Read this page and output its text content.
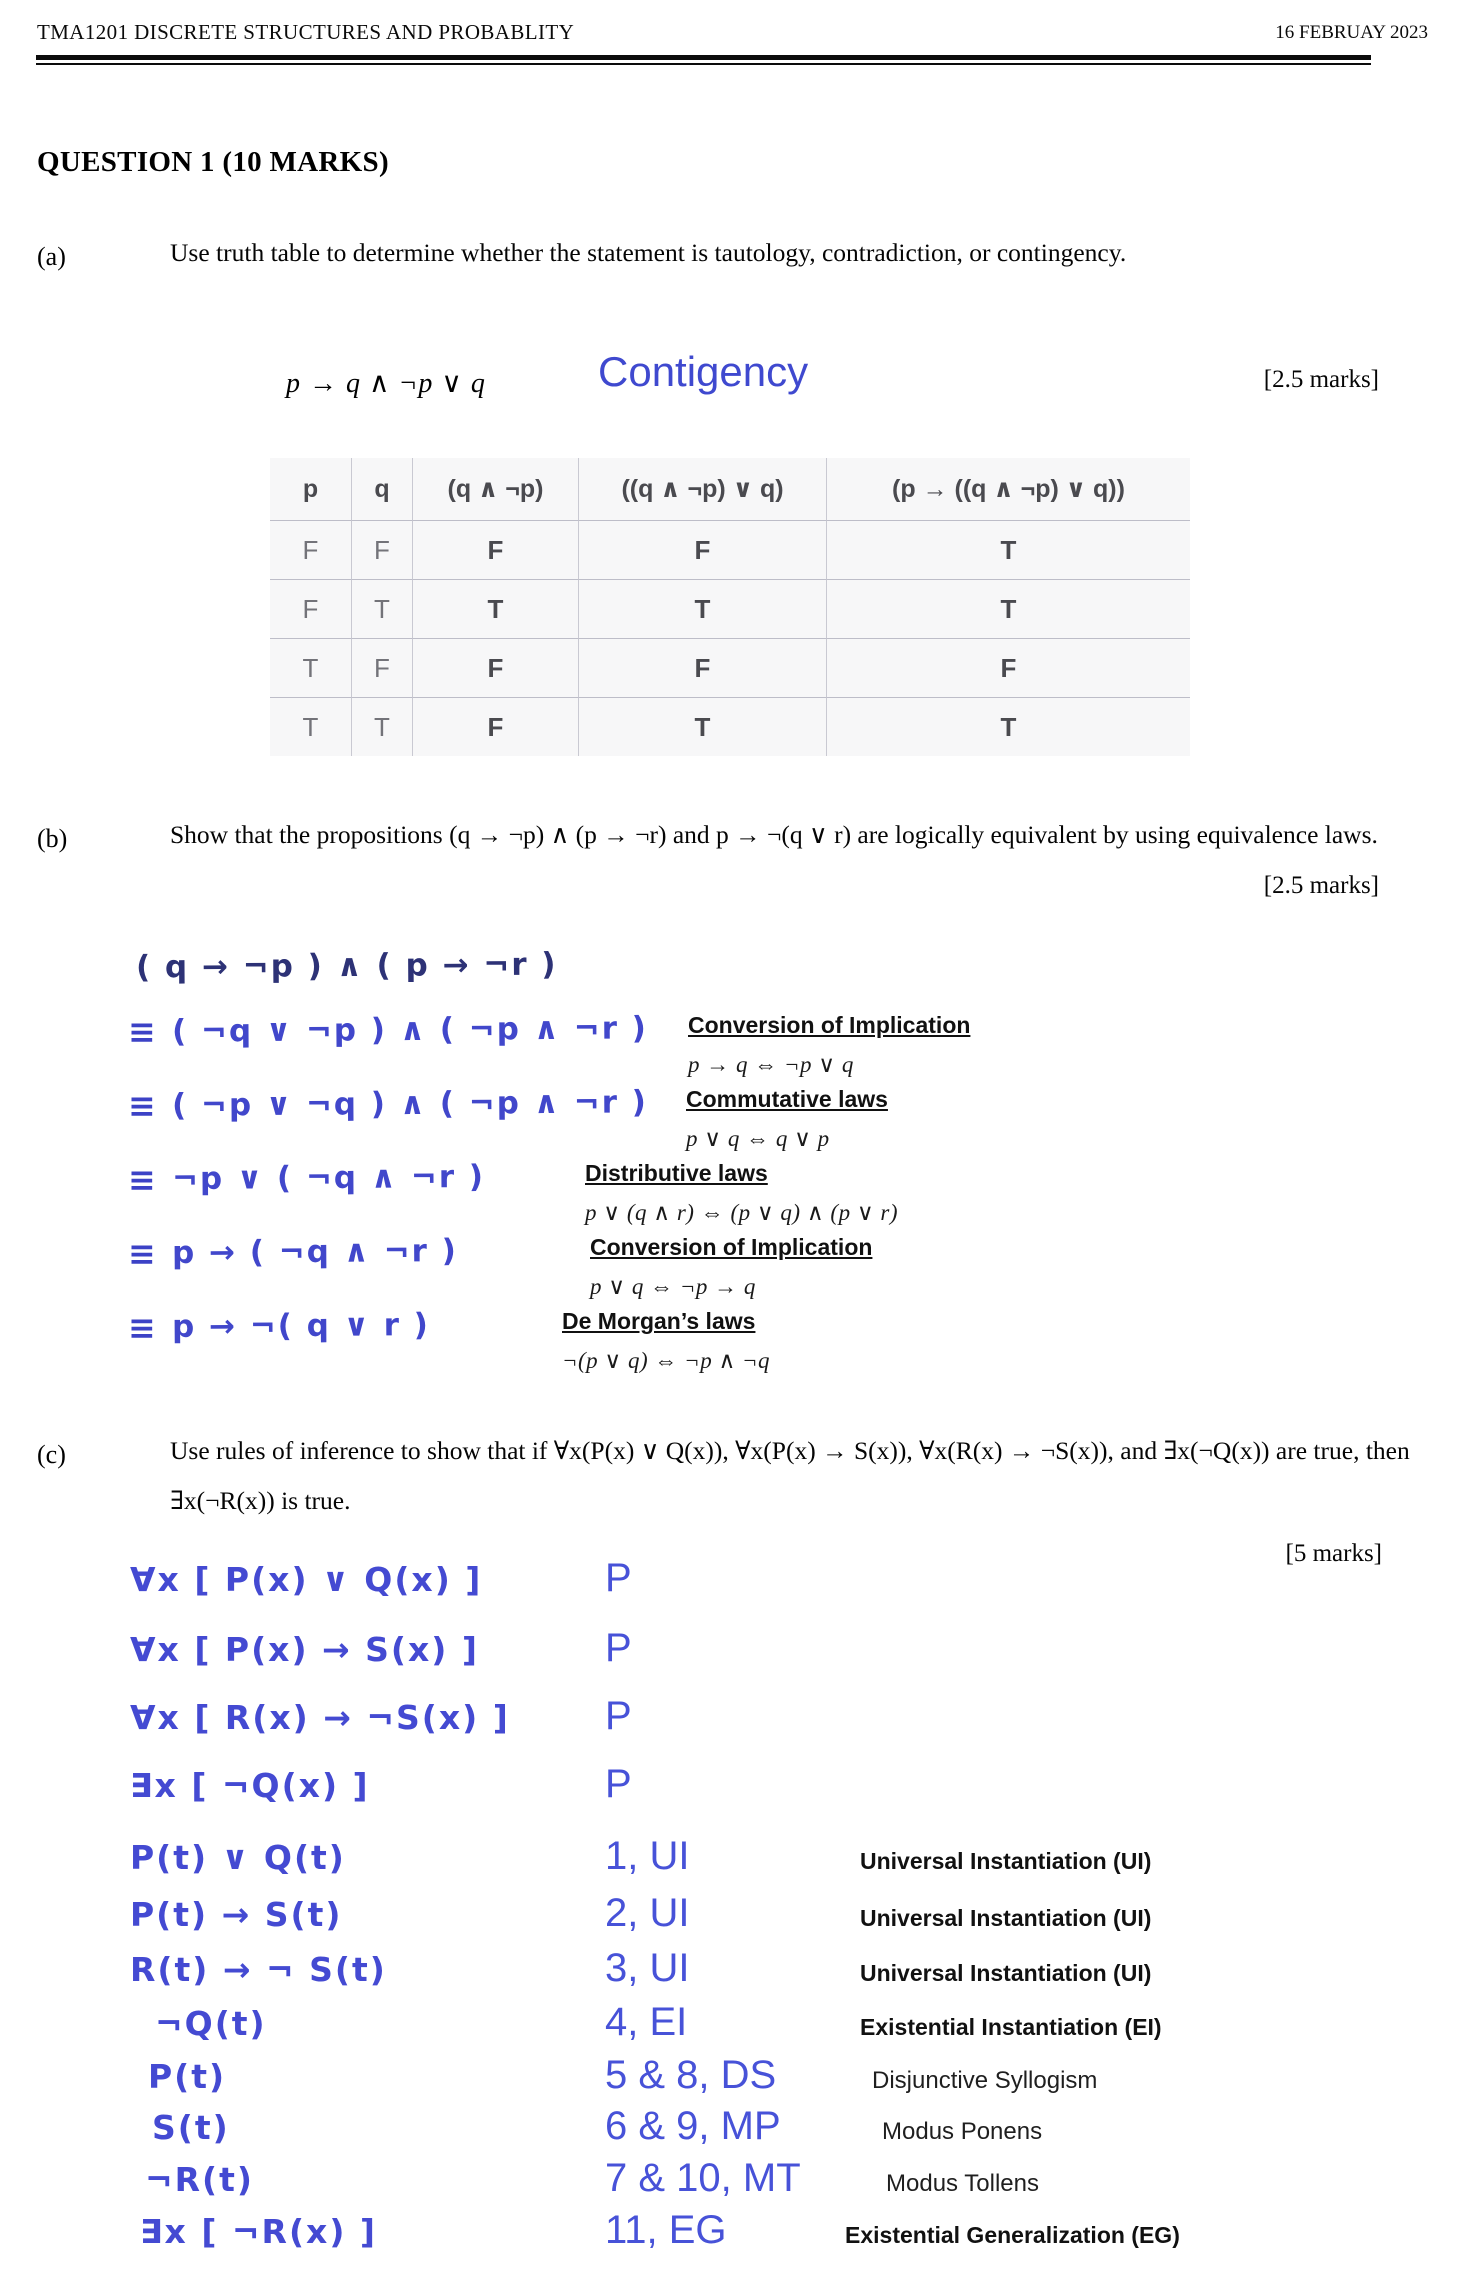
TMA1201 DISCRETE STRUCTURES AND PROBABLITY	16 FEBRUAY 2023
QUESTION 1 (10 MARKS)
(a)	Use truth table to determine whether the statement is tautology, contradiction, or contingency.
p → q ∧ ¬p ∨ q	Contigency	[2.5 marks]
p	q	(q ∧ ¬p)	((q ∧ ¬p) ∨ q)	(p → ((q ∧ ¬p) ∨ q))
F	F	F	F	T
F	T	T	T	T
T	F	F	F	F
T	T	F	T	T
(b)	Show that the propositions (q → ¬p) ∧ (p → ¬r) and p → ¬(q ∨ r) are logically equivalent by using equivalence laws.
[2.5 marks]
( q → ¬p ) ∧ ( p → ¬r )
≡ ( ¬q ∨ ¬p ) ∧ ( ¬p ∧ ¬r ) Conversion of Implication
p → q ⇔ ¬p ∨ q
≡ ( ¬p ∨ ¬q ) ∧ ( ¬p ∧ ¬r ) Commutative laws
p ∨ q ⇔ q ∨ p
≡ ¬p ∨ ( ¬q ∧ ¬r )	Distributive laws
p ∨ (q ∧ r) ⇔ (p ∨ q) ∧ (p ∨ r)
≡ p → ( ¬q ∧ ¬r )	Conversion of Implication
p ∨ q ⇔ ¬p → q
≡ p → ¬( q ∨ r )	De Morgan’s laws
¬(p ∨ q) ⇔ ¬p ∧ ¬q
(c)	Use rules of inference to show that if ∀x(P(x) ∨ Q(x)), ∀x(P(x) → S(x)), ∀x(R(x) → ¬S(x)), and ∃x(¬Q(x)) are true, then ∃x(¬R(x)) is true.
[5 marks]
∀x [ P(x) ∨ Q(x) ]	P
∀x [ P(x) → S(x) ]	P
∀x [ R(x) → ¬S(x) ] P
∃x [ ¬Q(x) ]	P
P(t) ∨ Q(t)	1, UI	Universal Instantiation (UI)
P(t) → S(t)	2, UI	Universal Instantiation (UI)
R(t) → ¬ S(t)	3, UI	Universal Instantiation (UI)
¬Q(t)	4, EI	Existential Instantiation (EI)
P(t)	5 & 8, DS	Disjunctive Syllogism
S(t)	6 & 9, MP	Modus Ponens
¬R(t)	7 & 10, MT	Modus Tollens
∃x [ ¬R(x) ]	11, EG	Existential Generalization (EG)
